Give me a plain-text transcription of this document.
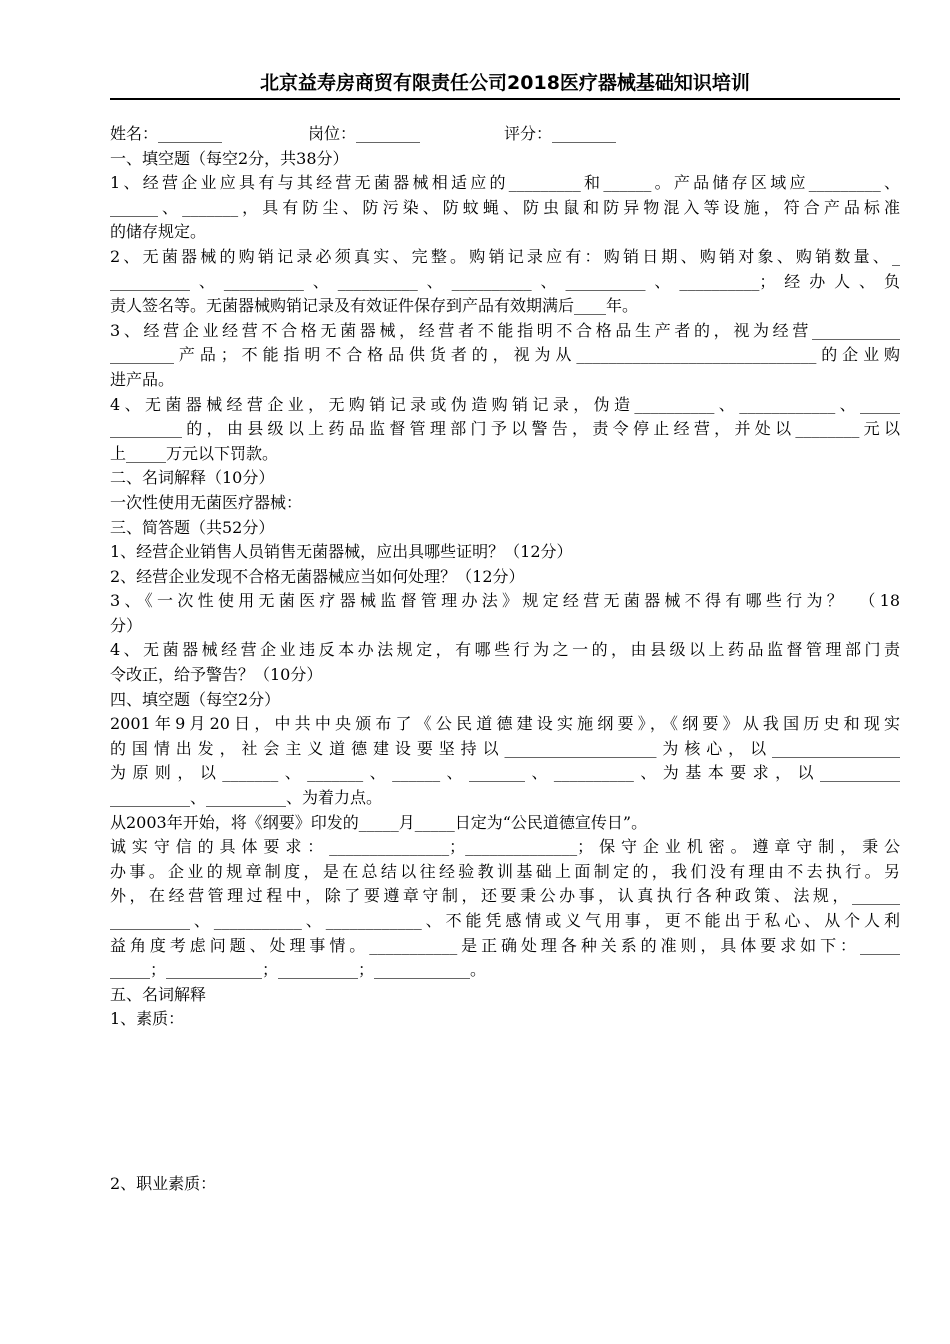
北京益寿房商贸有限责任公司2018医疗器械基础知识培训
姓名：________	岗位：________	评分：________
一、填空题（每空2分，共38分）
1、经营企业应具有与其经营无菌器械相适应的_________和______。产品储存区域应_________、
______、_______，具有防尘、防污染、防蚊蝇、防虫鼠和防异物混入等设施，符合产品标准
的储存规定。
2、无菌器械的购销记录必须真实、完整。购销记录应有：购销日期、购销对象、购销数量、_
__________、__________、__________、__________、__________、__________；经办人、负
责人签名等。无菌器械购销记录及有效证件保存到产品有效期满后____年。
3、经营企业经营不合格无菌器械，经营者不能指明不合格品生产者的，视为经营___________
________产品；不能指明不合格品供货者的，视为从______________________________的企业购
进产品。
4、无菌器械经营企业，无购销记录或伪造购销记录，伪造__________、____________、_____
_________的，由县级以上药品监督管理部门予以警告，责令停止经营，并处以________元以
上_____万元以下罚款。
二、名词解释（10分）
一次性使用无菌医疗器械：
三、简答题（共52分）
1、经营企业销售人员销售无菌器械，应出具哪些证明？（12分）
2、经营企业发现不合格无菌器械应当如何处理？（12分）
3、《一次性使用无菌医疗器械监督管理办法》规定经营无菌器械不得有哪些行为？　（18
分）
4、无菌器械经营企业违反本办法规定，有哪些行为之一的，由县级以上药品监督管理部门责
令改正，给予警告？（10分）
四、填空题（每空2分）
2001年9月20日，中共中央颁布了《公民道德建设实施纲要》，《纲要》从我国历史和现实
的国情出发，社会主义道德建设要坚持以___________________为核心，以________________
为原则，以_______、_______、______、_______、__________、为基本要求，以__________
__________、__________、为着力点。
从2003年开始，将《纲要》印发的_____月_____日定为“公民道德宣传日”。
诚实守信的具体要求：_______________；______________；保守企业机密。遵章守制，秉公
办事。企业的规章制度，是在总结以往经验教训基础上面制定的，我们没有理由不去执行。另
外，在经营管理过程中，除了要遵章守制，还要秉公办事，认真执行各种政策、法规，______
__________、___________、____________、不能凭感情或义气用事，更不能出于私心、从个人利
益角度考虑问题、处理事情。___________是正确处理各种关系的准则，具体要求如下：_____
_____；____________；__________；____________。
五、名词解释
1、素质：
2、职业素质：
